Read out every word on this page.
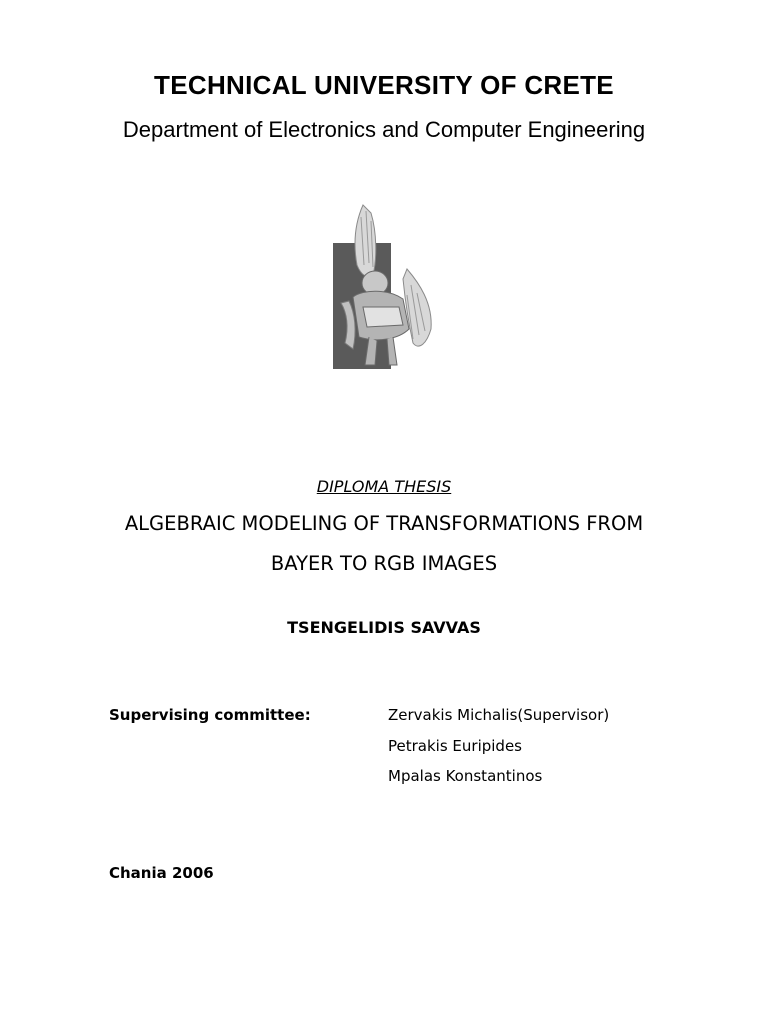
TECHNICAL UNIVERSITY OF CRETE
Department of Electronics and Computer Engineering
DIPLOMA THESIS
ALGEBRAIC MODELING OF TRANSFORMATIONS FROM
BAYER TO RGB IMAGES
TSENGELIDIS SAVVAS
Supervising committee:	Zervakis Michalis(Supervisor)
Petrakis Euripides
Mpalas Konstantinos
Chania 2006
